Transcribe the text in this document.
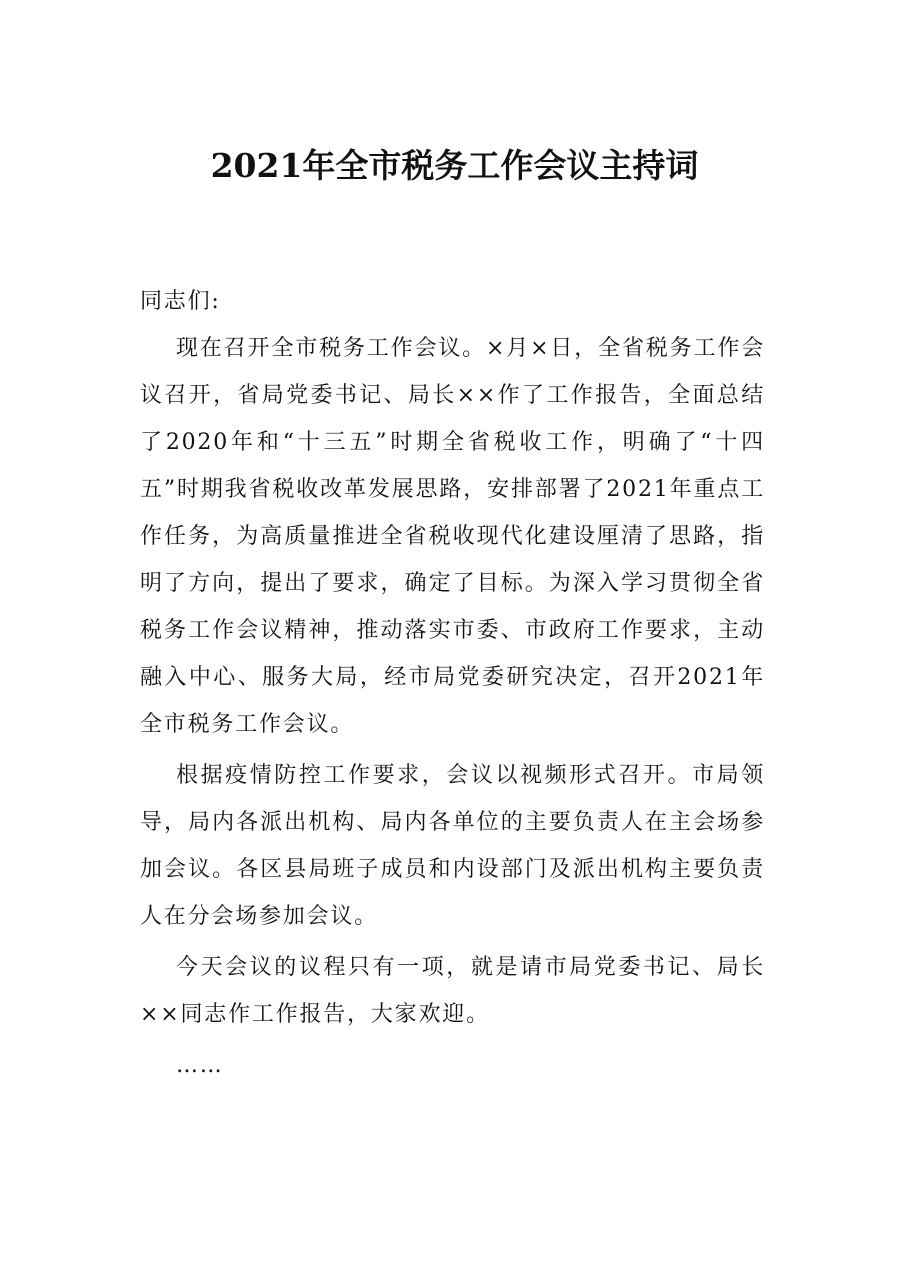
2021年全市税务工作会议主持词

同志们:

现在召开全市税务工作会议。×月×日，全省税务工作会议召开，省局党委书记、局长××作了工作报告，全面总结了2020年和“十三五”时期全省税收工作，明确了“十四五”时期我省税收改革发展思路，安排部署了2021年重点工作任务，为高质量推进全省税收现代化建设厘清了思路，指明了方向，提出了要求，确定了目标。为深入学习贯彻全省税务工作会议精神，推动落实市委、市政府工作要求，主动融入中心、服务大局，经市局党委研究决定，召开2021年全市税务工作会议。

根据疫情防控工作要求，会议以视频形式召开。市局领导，局内各派出机构、局内各单位的主要负责人在主会场参加会议。各区县局班子成员和内设部门及派出机构主要负责人在分会场参加会议。

今天会议的议程只有一项，就是请市局党委书记、局长××同志作工作报告，大家欢迎。

……
